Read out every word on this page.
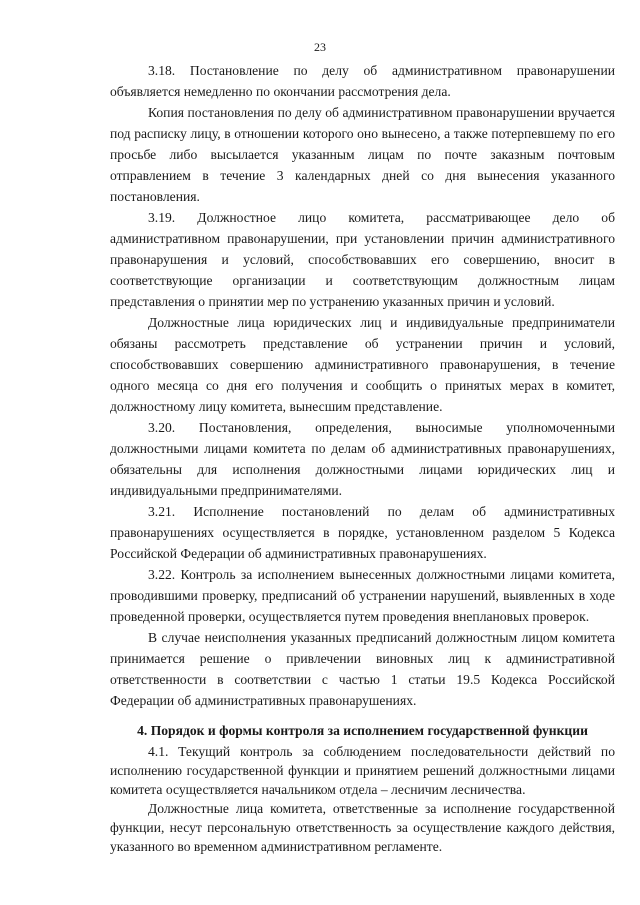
23

3.18. Постановление по делу об административном правонарушении объявляется немедленно по окончании рассмотрения дела.

Копия постановления по делу об административном правонарушении вручается под расписку лицу, в отношении которого оно вынесено, а также потерпевшему по его просьбе либо высылается указанным лицам по почте заказным почтовым отправлением в течение 3 календарных дней со дня вынесения указанного постановления.

3.19. Должностное лицо комитета, рассматривающее дело об административном правонарушении, при установлении причин административного правонарушения и условий, способствовавших его совершению, вносит в соответствующие организации и соответствующим должностным лицам представления о принятии мер по устранению указанных причин и условий.

Должностные лица юридических лиц и индивидуальные предприниматели обязаны рассмотреть представление об устранении причин и условий, способствовавших совершению административного правонарушения, в течение одного месяца со дня его получения и сообщить о принятых мерах в комитет, должностному лицу комитета, вынесшим представление.

3.20. Постановления, определения, выносимые уполномоченными должностными лицами комитета по делам об административных правонарушениях, обязательны для исполнения должностными лицами юридических лиц и индивидуальными предпринимателями.

3.21. Исполнение постановлений по делам об административных правонарушениях осуществляется в порядке, установленном разделом 5 Кодекса Российской Федерации об административных правонарушениях.

3.22. Контроль за исполнением вынесенных должностными лицами комитета, проводившими проверку, предписаний об устранении нарушений, выявленных в ходе проведенной проверки, осуществляется путем проведения внеплановых проверок.

В случае неисполнения указанных предписаний должностным лицом комитета принимается решение о привлечении виновных лиц к административной ответственности в соответствии с частью 1 статьи 19.5 Кодекса Российской Федерации об административных правонарушениях.

4. Порядок и формы контроля за исполнением государственной функции

4.1. Текущий контроль за соблюдением последовательности действий по исполнению государственной функции и принятием решений должностными лицами комитета осуществляется начальником отдела – лесничим лесничества.

Должностные лица комитета, ответственные за исполнение государственной функции, несут персональную ответственность за осуществление каждого действия, указанного во временном административном регламенте.
